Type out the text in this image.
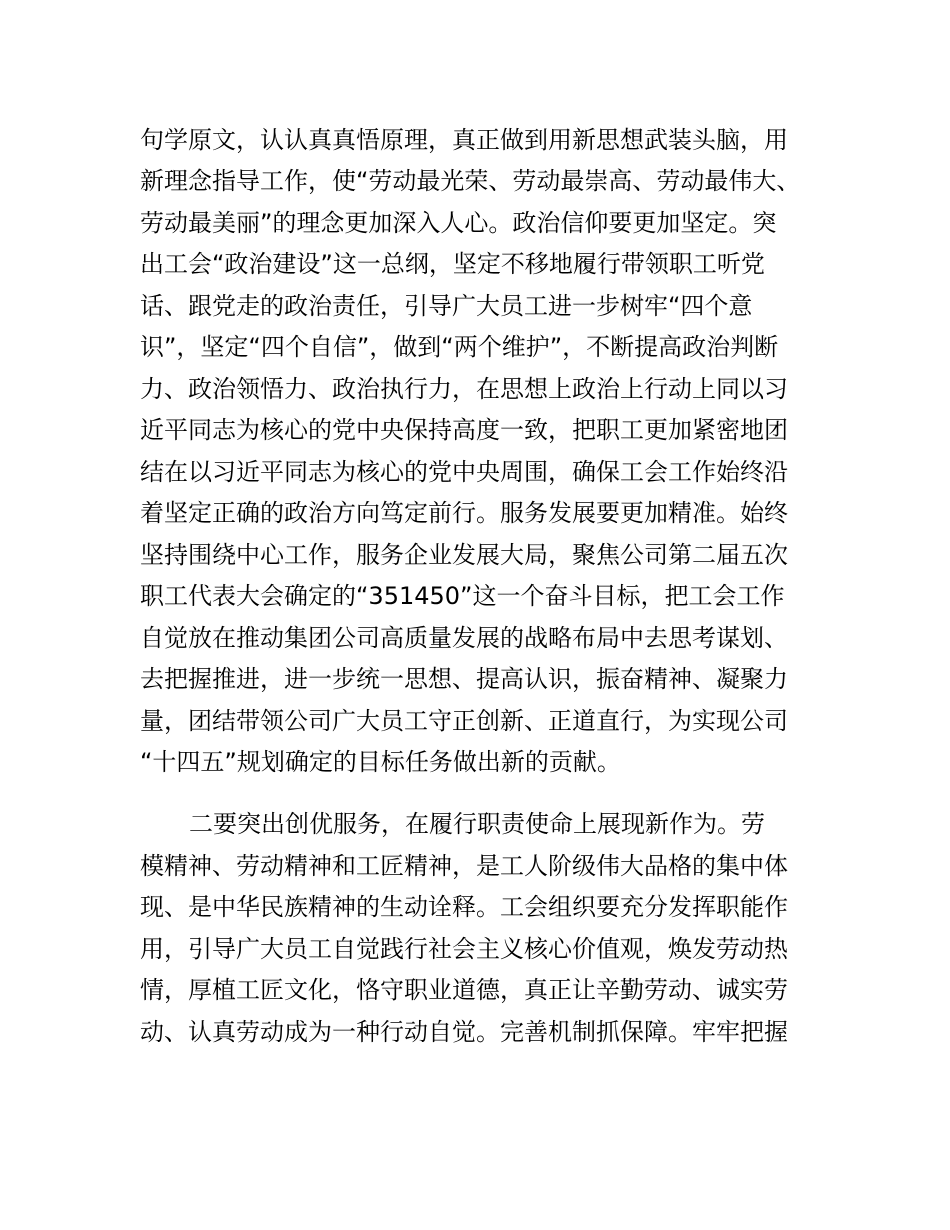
句学原文，认认真真悟原理，真正做到用新思想武装头脑，用
新理念指导工作，使“劳动最光荣、劳动最崇高、劳动最伟大、
劳动最美丽”的理念更加深入人心。政治信仰要更加坚定。突
出工会“政治建设”这一总纲，坚定不移地履行带领职工听党
话、跟党走的政治责任，引导广大员工进一步树牢“四个意
识”，坚定“四个自信”，做到“两个维护”，不断提高政治判断
力、政治领悟力、政治执行力，在思想上政治上行动上同以习
近平同志为核心的党中央保持高度一致，把职工更加紧密地团
结在以习近平同志为核心的党中央周围，确保工会工作始终沿
着坚定正确的政治方向笃定前行。服务发展要更加精准。始终
坚持围绕中心工作，服务企业发展大局，聚焦公司第二届五次
职工代表大会确定的“351450”这一个奋斗目标，把工会工作
自觉放在推动集团公司高质量发展的战略布局中去思考谋划、
去把握推进，进一步统一思想、提高认识，振奋精神、凝聚力
量，团结带领公司广大员工守正创新、正道直行，为实现公司
“十四五”规划确定的目标任务做出新的贡献。
二要突出创优服务，在履行职责使命上展现新作为。劳
模精神、劳动精神和工匠精神，是工人阶级伟大品格的集中体
现、是中华民族精神的生动诠释。工会组织要充分发挥职能作
用，引导广大员工自觉践行社会主义核心价值观，焕发劳动热
情，厚植工匠文化，恪守职业道德，真正让辛勤劳动、诚实劳
动、认真劳动成为一种行动自觉。完善机制抓保障。牢牢把握
